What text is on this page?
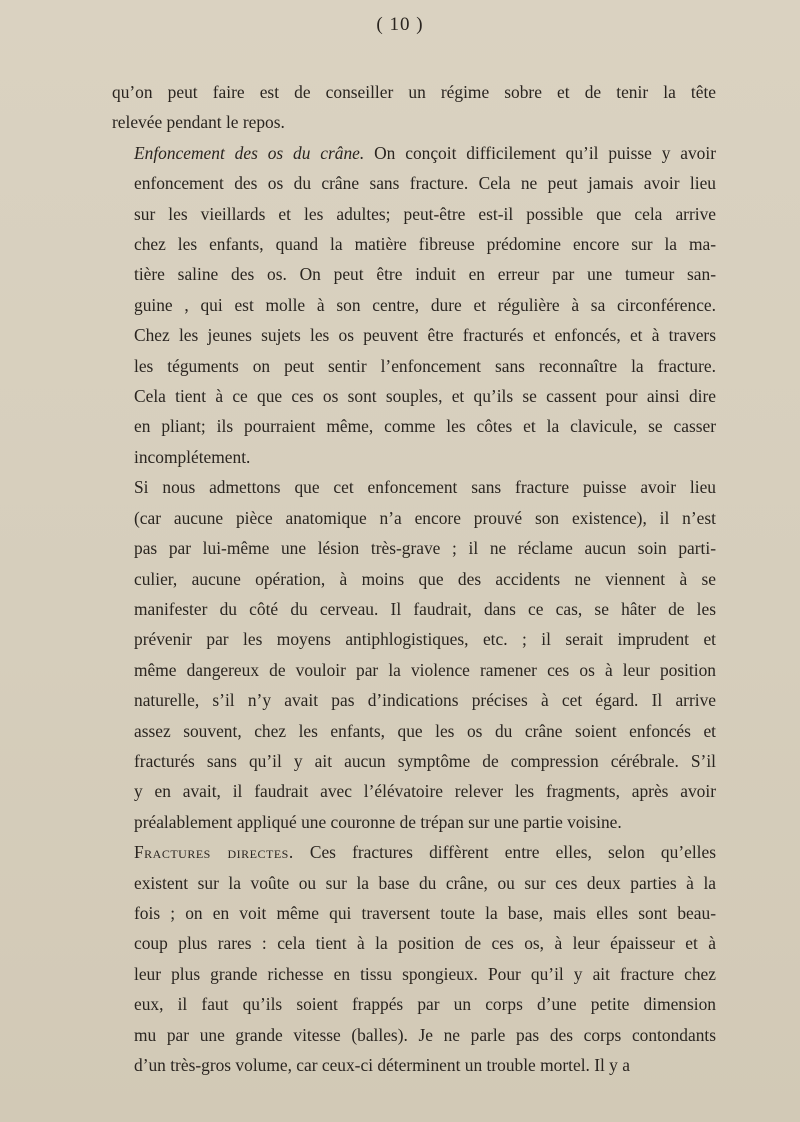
( 10 )

qu’on peut faire est de conseiller un régime sobre et de tenir la tête
relevée pendant le repos.

Enfoncement des os du crâne. On conçoit difficilement qu’il puisse y avoir
enfoncement des os du crâne sans fracture. Cela ne peut jamais avoir lieu
sur les vieillards et les adultes; peut-être est-il possible que cela arrive
chez les enfants, quand la matière fibreuse prédomine encore sur la ma-
tière saline des os. On peut être induit en erreur par une tumeur san-
guine , qui est molle à son centre, dure et régulière à sa circonférence.
Chez les jeunes sujets les os peuvent être fracturés et enfoncés, et à travers
les téguments on peut sentir l’enfoncement sans reconnaître la fracture.
Cela tient à ce que ces os sont souples, et qu’ils se cassent pour ainsi dire
en pliant; ils pourraient même, comme les côtes et la clavicule, se casser
incomplétement.

Si nous admettons que cet enfoncement sans fracture puisse avoir lieu
(car aucune pièce anatomique n’a encore prouvé son existence), il n’est
pas par lui-même une lésion très-grave ; il ne réclame aucun soin parti-
culier, aucune opération, à moins que des accidents ne viennent à se
manifester du côté du cerveau. Il faudrait, dans ce cas, se hâter de les
prévenir par les moyens antiphlogistiques, etc. ; il serait imprudent et
même dangereux de vouloir par la violence ramener ces os à leur position
naturelle, s’il n’y avait pas d’indications précises à cet égard. Il arrive
assez souvent, chez les enfants, que les os du crâne soient enfoncés et
fracturés sans qu’il y ait aucun symptôme de compression cérébrale. S’il
y en avait, il faudrait avec l’élévatoire relever les fragments, après avoir
préalablement appliqué une couronne de trépan sur une partie voisine.

Fractures directes. Ces fractures diffèrent entre elles, selon qu’elles
existent sur la voûte ou sur la base du crâne, ou sur ces deux parties à la
fois ; on en voit même qui traversent toute la base, mais elles sont beau-
coup plus rares : cela tient à la position de ces os, à leur épaisseur et à
leur plus grande richesse en tissu spongieux. Pour qu’il y ait fracture chez
eux, il faut qu’ils soient frappés par un corps d’une petite dimension
mu par une grande vitesse (balles). Je ne parle pas des corps contondants
d’un très-gros volume, car ceux-ci déterminent un trouble mortel. Il y a
